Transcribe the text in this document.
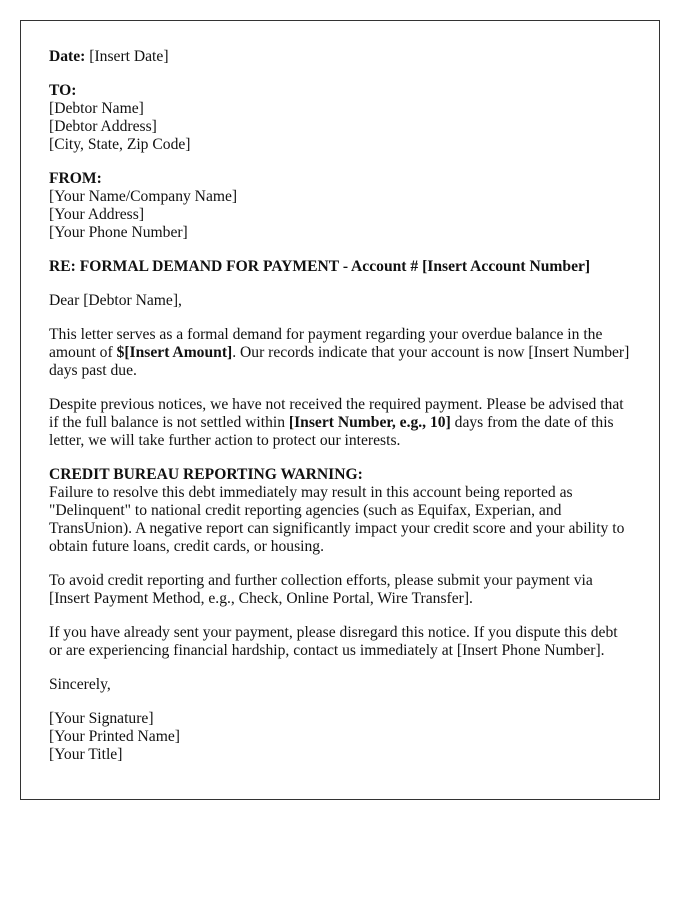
Date: [Insert Date]
TO:
[Debtor Name]
[Debtor Address]
[City, State, Zip Code]
FROM:
[Your Name/Company Name]
[Your Address]
[Your Phone Number]

RE: FORMAL DEMAND FOR PAYMENT - Account # [Insert Account Number]

Dear [Debtor Name],

This letter serves as a formal demand for payment regarding your overdue balance in the amount of $[Insert Amount]. Our records indicate that your account is now [Insert Number] days past due.

Despite previous notices, we have not received the required payment. Please be advised that if the full balance is not settled within [Insert Number, e.g., 10] days from the date of this letter, we will take further action to protect our interests.

CREDIT BUREAU REPORTING WARNING:
Failure to resolve this debt immediately may result in this account being reported as "Delinquent" to national credit reporting agencies (such as Equifax, Experian, and TransUnion). A negative report can significantly impact your credit score and your ability to obtain future loans, credit cards, or housing.

To avoid credit reporting and further collection efforts, please submit your payment via [Insert Payment Method, e.g., Check, Online Portal, Wire Transfer].

If you have already sent your payment, please disregard this notice. If you dispute this debt or are experiencing financial hardship, contact us immediately at [Insert Phone Number].

Sincerely,

[Your Signature]
[Your Printed Name]
[Your Title]
